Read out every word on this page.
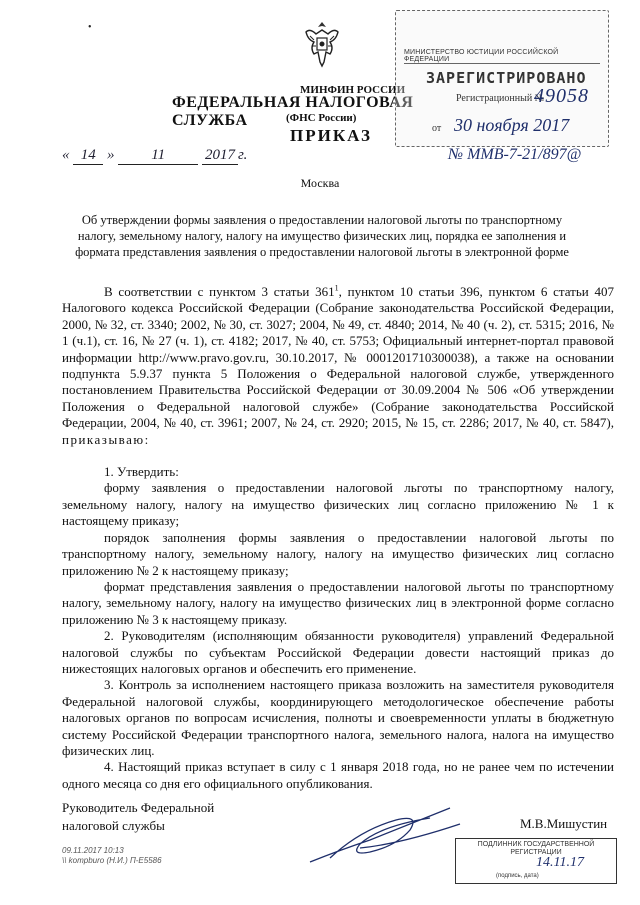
•
МИНФИН РОССИИ
ФЕДЕРАЛЬНАЯ НАЛОГОВАЯ СЛУЖБА	(ФНС России)
ПРИКАЗ
« 14 » 11	2017 г.
МИНИСТЕРСТВО ЮСТИЦИИ РОССИЙСКОЙ ФЕДЕРАЦИИ
ЗАРЕГИСТРИРОВАНО
Регистрационный №
49058
от 30 ноября 2017
№ ММВ-7-21/897@
Москва
Об утверждении формы заявления о предоставлении налоговой льготы по транспортному налогу, земельному налогу, налогу на имущество физических лиц, порядка ее заполнения и формата представления заявления о предоставлении налоговой льготы в электронной форме

В соответствии с пунктом 3 статьи $361^1$, пунктом 10 статьи 396, пунктом 6 статьи 407 Налогового кодекса Российской Федерации (Собрание законодательства Российской Федерации, 2000, № 32, ст. 3340; 2002, № 30, ст. 3027; 2004, № 49, ст. 4840; 2014, № 40 (ч. 2), ст. 5315; 2016, № 1 (ч.1), ст. 16, № 27 (ч. 1), ст. 4182; 2017, № 40, ст. 5753; Официальный интернет-портал правовой информации http://www.pravo.gov.ru, 30.10.2017, № 0001201710300038), а также на основании подпункта 5.9.37 пункта 5 Положения о Федеральной налоговой службе, утвержденного постановлением Правительства Российской Федерации от 30.09.2004 № 506 «Об утверждении Положения о Федеральной налоговой службе» (Собрание законодательства Российской Федерации, 2004, № 40, ст. 3961; 2007, № 24, ст. 2920; 2015, № 15, ст. 2286; 2017, № 40, ст. 5847), приказываю:

1. Утвердить:

форму заявления о предоставлении налоговой льготы по транспортному налогу, земельному налогу, налогу на имущество физических лиц согласно приложению № 1 к настоящему приказу;

порядок заполнения формы заявления о предоставлении налоговой льготы по транспортному налогу, земельному налогу, налогу на имущество физических лиц согласно приложению № 2 к настоящему приказу;

формат представления заявления о предоставлении налоговой льготы по транспортному налогу, земельному налогу, налогу на имущество физических лиц в электронной форме согласно приложению № 3 к настоящему приказу.

2. Руководителям (исполняющим обязанности руководителя) управлений Федеральной налоговой службы по субъектам Российской Федерации довести настоящий приказ до нижестоящих налоговых органов и обеспечить его применение.

3. Контроль за исполнением настоящего приказа возложить на заместителя руководителя Федеральной налоговой службы, координирующего методологическое обеспечение работы налоговых органов по вопросам исчисления, полноты и своевременности уплаты в бюджетную систему Российской Федерации транспортного налога, земельного налога, налога на имущество физических лиц.

4. Настоящий приказ вступает в силу с 1 января 2018 года, но не ранее чем по истечении одного месяца со дня его официального опубликования.

Руководитель Федеральной
налоговой службы	М.В.Мишустин
09.11.2017 10:13
\\ kompburo (Н.И.) П-Е5586
ПОДЛИННИК ГОСУДАРСТВЕННОЙ РЕГИСТРАЦИИ
14.11.17
(подпись, дата)
